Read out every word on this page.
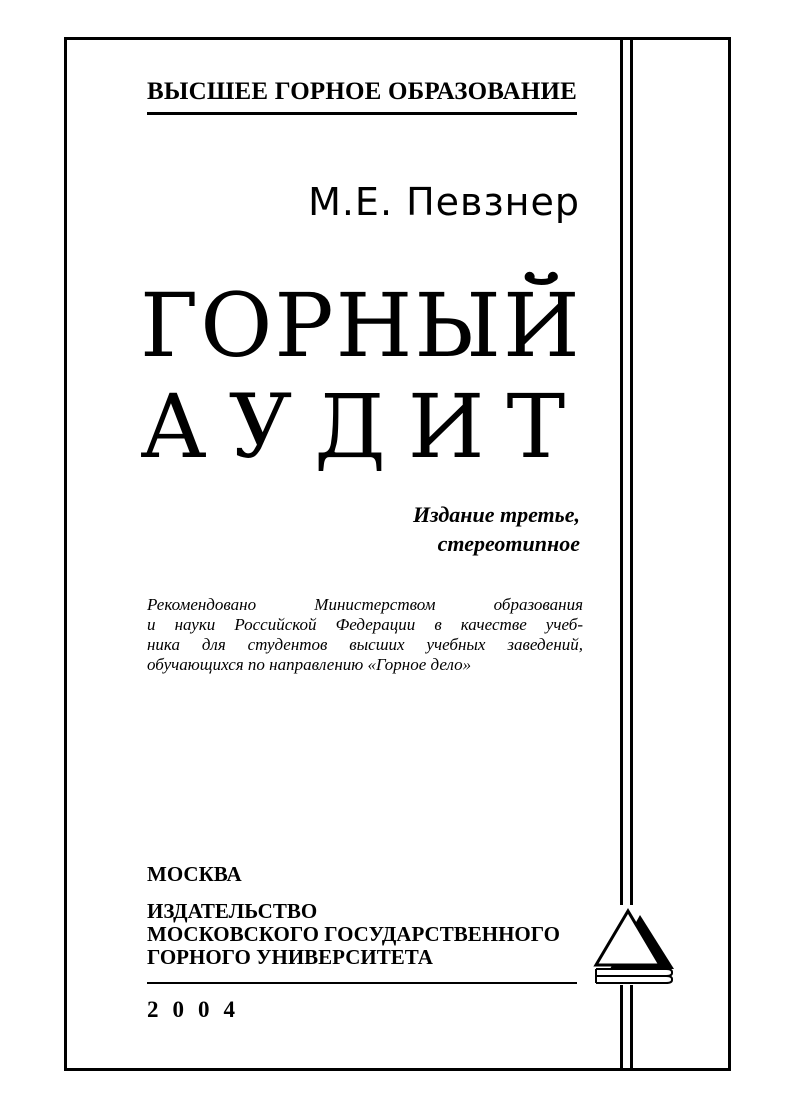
ВЫСШЕЕ ГОРНОЕ ОБРАЗОВАНИЕ
М.Е. Певзнер
ГОРНЫЙ
АУДИТ
Издание третье,
стереотипное
Рекомендовано Министерством образования
и науки Российской Федерации в качестве учеб-
ника для студентов высших учебных заведений,
обучающихся по направлению «Горное дело»
МОСКВА
ИЗДАТЕЛЬСТВО
МОСКОВСКОГО ГОСУДАРСТВЕННОГО
ГОРНОГО УНИВЕРСИТЕТА
2004
